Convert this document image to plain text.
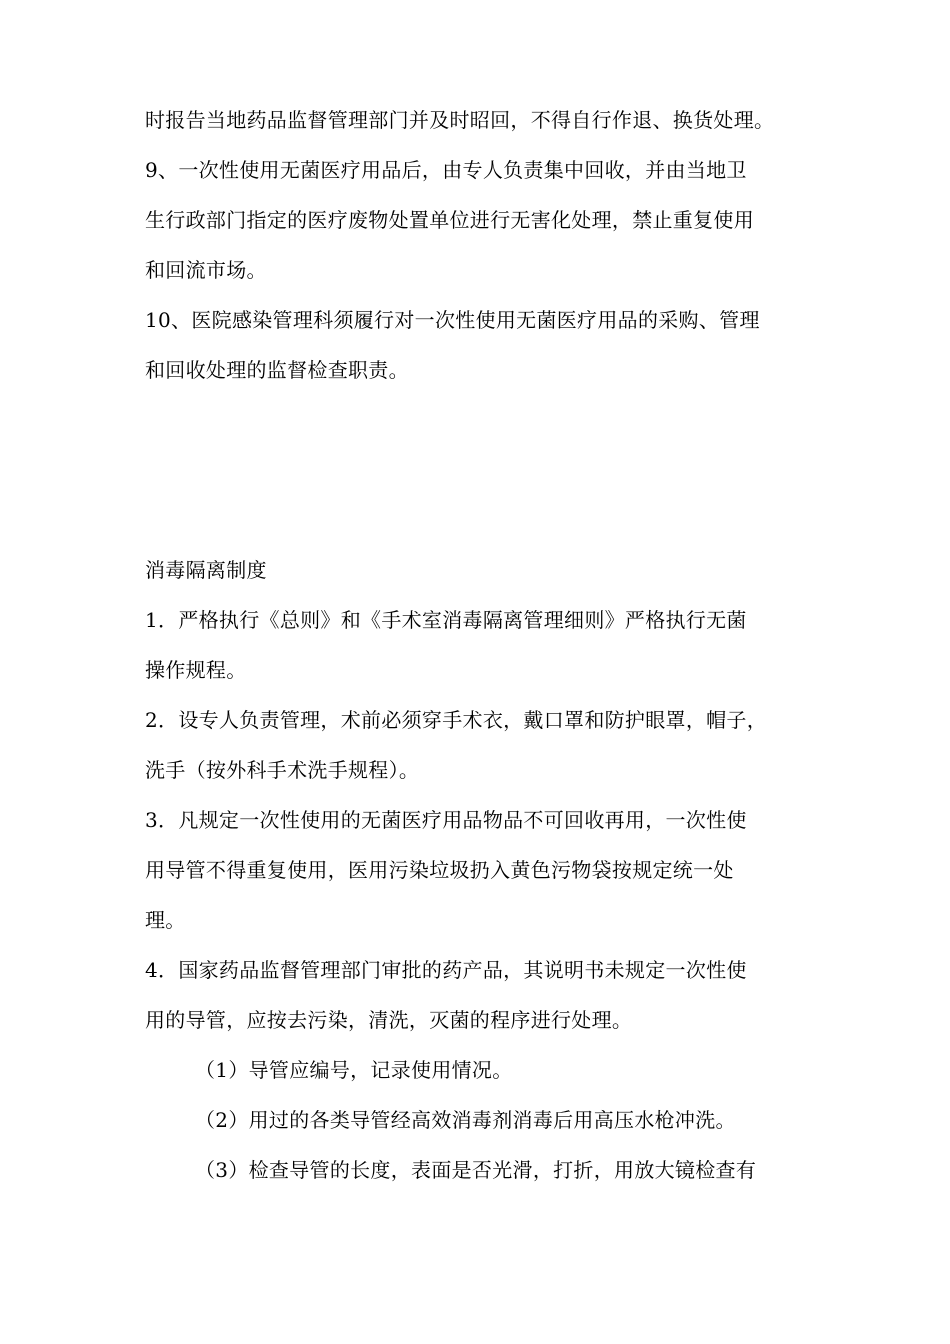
时报告当地药品监督管理部门并及时昭回，不得自行作退、换货处理。

9、一次性使用无菌医疗用品后，由专人负责集中回收，并由当地卫

生行政部门指定的医疗废物处置单位进行无害化处理，禁止重复使用

和回流市场。

10、医院感染管理科须履行对一次性使用无菌医疗用品的采购、管理

和回收处理的监督检查职责。

消毒隔离制度

1．严格执行《总则》和《手术室消毒隔离管理细则》严格执行无菌

操作规程。

2．设专人负责管理，术前必须穿手术衣，戴口罩和防护眼罩，帽子，

洗手（按外科手术洗手规程）。

3．凡规定一次性使用的无菌医疗用品物品不可回收再用，一次性使

用导管不得重复使用，医用污染垃圾扔入黄色污物袋按规定统一处

理。

4．国家药品监督管理部门审批的药产品，其说明书未规定一次性使

用的导管，应按去污染，清洗，灭菌的程序进行处理。

（1）导管应编号，记录使用情况。

（2）用过的各类导管经高效消毒剂消毒后用高压水枪冲洗。

（3）检查导管的长度，表面是否光滑，打折，用放大镜检查有
